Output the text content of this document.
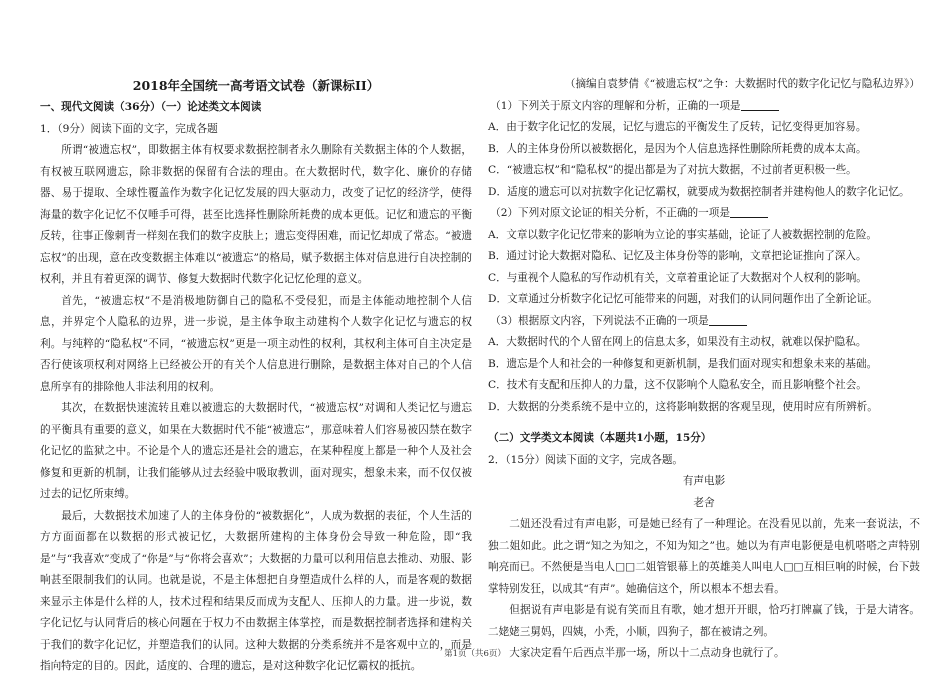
2018年全国统一高考语文试卷（新课标II）

一、现代文阅读（36分）（一）论述类文本阅读

1．（9分）阅读下面的文字，完成各题

所谓“被遗忘权”，即数据主体有权要求数据控制者永久删除有关数据主体的个人数据，有权被互联网遗忘，除非数据的保留有合法的理由。在大数据时代，数字化、廉价的存储器、易于提取、全球性覆盖作为数字化记忆发展的四大驱动力，改变了记忆的经济学，使得海量的数字化记忆不仅唾手可得，甚至比选择性删除所耗费的成本更低。记忆和遗忘的平衡反转，往事正像刺青一样刻在我们的数字皮肤上；遗忘变得困难，而记忆却成了常态。“被遗忘权”的出现，意在改变数据主体难以“被遗忘”的格局，赋予数据主体对信息进行自决控制的权利，并且有着更深的调节、修复大数据时代数字化记忆伦理的意义。

首先，“被遗忘权”不是消极地防御自己的隐私不受侵犯，而是主体能动地控制个人信息，并界定个人隐私的边界，进一步说，是主体争取主动建构个人数字化记忆与遗忘的权利。与纯粹的“隐私权”不同，“被遗忘权”更是一项主动性的权利，其权利主体可自主决定是否行使该项权利对网络上已经被公开的有关个人信息进行删除，是数据主体对自己的个人信息所享有的排除他人非法利用的权利。

其次，在数据快速流转且难以被遗忘的大数据时代，“被遗忘权”对调和人类记忆与遗忘的平衡具有重要的意义，如果在大数据时代不能“被遗忘”，那意味着人们容易被囚禁在数字化记忆的监狱之中。不论是个人的遗忘还是社会的遗忘，在某种程度上都是一种个人及社会修复和更新的机制，让我们能够从过去经验中吸取教训，面对现实，想象未来，而不仅仅被过去的记忆所束缚。

最后，大数据技术加速了人的主体身份的“被数据化”，人成为数据的表征，个人生活的方方面面都在以数据的形式被记忆，大数据所建构的主体身份会导致一种危险，即“我是”与“我喜欢”变成了“你是”与“你将会喜欢”；大数据的力量可以利用信息去推动、劝服、影响甚至限制我们的认同。也就是说，不是主体想把自身塑造成什么样的人，而是客观的数据来显示主体是什么样的人，技术过程和结果反而成为支配人、压抑人的力量。进一步说，数字化记忆与认同背后的核心问题在于权力不由数据主体掌控，而是数据控制者选择和建构关于我们的数字化记忆，并塑造我们的认同。这种大数据的分类系统并不是客观中立的，而是指向特定的目的。因此，适度的、合理的遗忘，是对这种数字化记忆霸权的抵抗。

（摘编自袁梦倩《“被遗忘权”之争：大数据时代的数字化记忆与隐私边界》）

（1）下列关于原文内容的理解和分析，正确的一项是

A．由于数字化记忆的发展，记忆与遗忘的平衡发生了反转，记忆变得更加容易。

B．人的主体身份所以被数据化，是因为个人信息选择性删除所耗费的成本太高。

C．“被遗忘权”和“隐私权”的提出都是为了对抗大数据，不过前者更积极一些。

D．适度的遗忘可以对抗数字化记忆霸权，就要成为数据控制者并建构他人的数字化记忆。

（2）下列对原文论证的相关分析，不正确的一项是

A．文章以数字化记忆带来的影响为立论的事实基础，论证了人被数据控制的危险。

B．通过讨论大数据对隐私、记忆及主体身份等的影响，文章把论证推向了深入。

C．与重视个人隐私的写作动机有关，文章着重论证了大数据对个人权利的影响。

D．文章通过分析数字化记忆可能带来的问题，对我们的认同问题作出了全新论证。

（3）根据原文内容，下列说法不正确的一项是

A．大数据时代的个人留在网上的信息太多，如果没有主动权，就难以保护隐私。

B．遗忘是个人和社会的一种修复和更新机制，是我们面对现实和想象未来的基础。

C．技术有支配和压抑人的力量，这不仅影响个人隐私安全，而且影响整个社会。

D．大数据的分类系统不是中立的，这将影响数据的客观呈现，使用时应有所辨析。

（二）文学类文本阅读（本题共1小题，15分）

2．（15分）阅读下面的文字，完成各题。

有声电影

老舍

二妞还没看过有声电影，可是她已经有了一种理论。在没看见以前，先来一套说法，不独二姐如此。此之谓“知之为知之，不知为知之”也。她以为有声电影便是电机嗒嗒之声特别响亮而已。不然便是当电人□□二姐管银幕上的英雄美人叫电人□□互相巨响的时候，台下鼓掌特别发狂，以成其“有声”。她确信这个，所以根本不想去看。

但据说有声电影是有说有笑而且有歌，她才想开开眼，恰巧打牌赢了钱，于是大请客。二姥姥三舅妈，四姨，小秃，小顺，四狗子，都在被请之列。

大家决定看午后西点半那一场，所以十二点动身也就行了。

第1页（共6页）
